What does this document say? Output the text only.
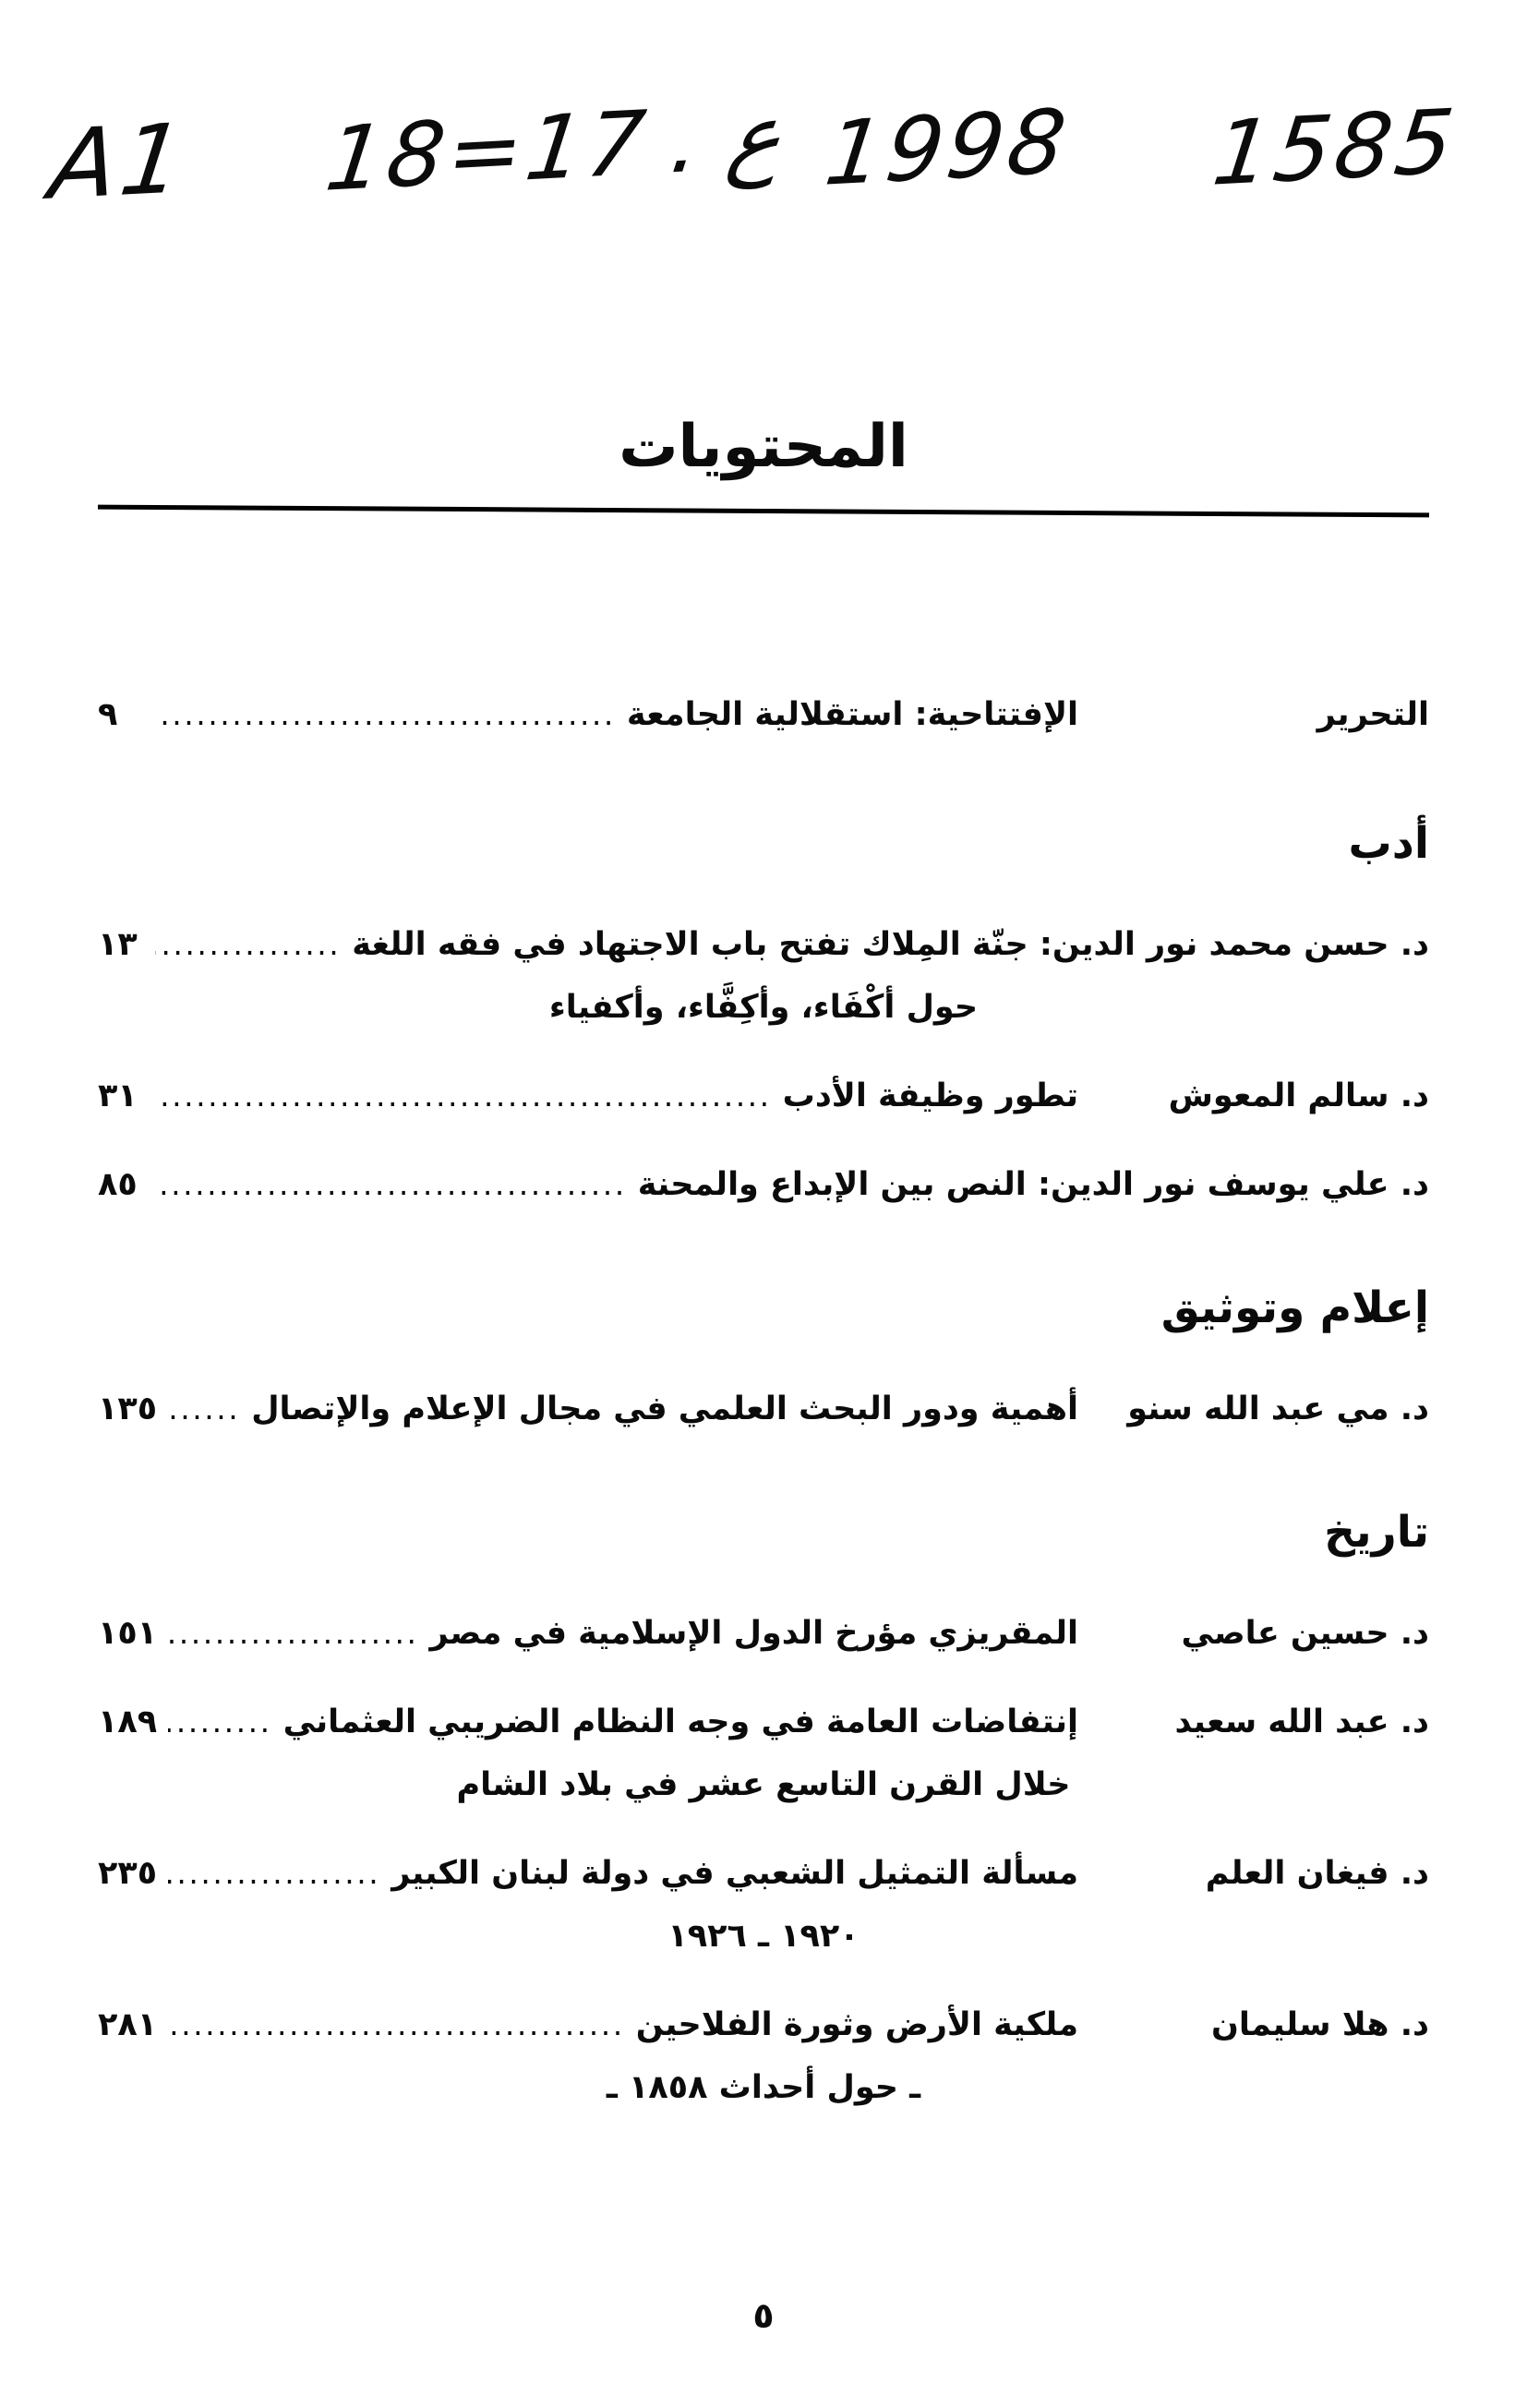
A1 18=17 . ع 1998 1585
المحتويات
التحرير
الإفتتاحية: استقلالية الجامعة
.....
٩
أدب
د. حسن محمد نور الدين: جنّة المِلاك تفتح باب الاجتهاد في فقه اللغة
.....
١٣
حول أكْفَاء، وأكِفَّاء، وأكفياء
د. سالم المعوش
تطور وظيفة الأدب
.....
٣١
د. علي يوسف نور الدين: النص بين الإبداع والمحنة
.....
٨٥
إعلام وتوثيق
د. مي عبد الله سنو
أهمية ودور البحث العلمي في مجال الإعلام والإتصال
.....
١٣٥
تاريخ
د. حسين عاصي
المقريزي مؤرخ الدول الإسلامية في مصر
.....
١٥١
د. عبد الله سعيد
إنتفاضات العامة في وجه النظام الضريبي العثماني
.....
١٨٩
خلال القرن التاسع عشر في بلاد الشام
د. فيغان العلم
مسألة التمثيل الشعبي في دولة لبنان الكبير
.....
٢٣٥
١٩٢٠ ـ ١٩٢٦
د. هلا سليمان
ملكية الأرض وثورة الفلاحين
.....
٢٨١
ـ حول أحداث ١٨٥٨ ـ
٥
